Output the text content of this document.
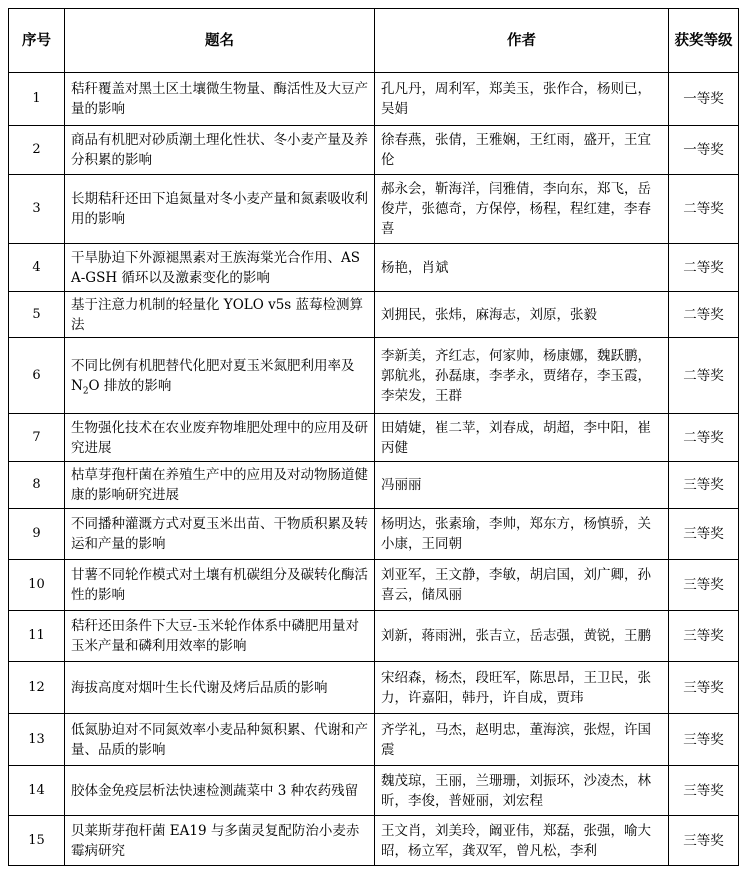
序号	题名	作者	获奖等级
1	秸秆覆盖对黑土区土壤微生物量、酶活性及大豆产量的影响	孔凡丹，周利军，郑美玉，张作合，杨则已，吴娟	一等奖
2	商品有机肥对砂质潮土理化性状、冬小麦产量及养分积累的影响	徐春燕，张倩，王雅娴，王红雨，盛开，王宜伦	一等奖
3	长期秸秆还田下追氮量对冬小麦产量和氮素吸收利用的影响	郝永会，靳海洋，闫雅倩，李向东，郑飞，岳俊芹，张德奇，方保停，杨程，程红建，李春喜	二等奖
4	干旱胁迫下外源褪黑素对王族海棠光合作用、ASA-GSH 循环以及激素变化的影响	杨艳，肖斌	二等奖
5	基于注意力机制的轻量化 YOLO v5s 蓝莓检测算法	刘拥民，张炜，麻海志，刘原，张毅	二等奖
6	不同比例有机肥替代化肥对夏玉米氮肥利用率及 $N_2O$ 排放的影响	李新美，齐红志，何家帅，杨康娜，魏跃鹏，郭航兆，孙磊康，李孝永，贾绪存，李玉霞，李荣发，王群	二等奖
7	生物强化技术在农业废弃物堆肥处理中的应用及研究进展	田婧婕，崔二苹，刘春成，胡超，李中阳，崔丙健	二等奖
8	枯草芽孢杆菌在养殖生产中的应用及对动物肠道健康的影响研究进展	冯丽丽	三等奖
9	不同播种灌溉方式对夏玉米出苗、干物质积累及转运和产量的影响	杨明达，张素瑜，李帅，郑东方，杨慎骄，关小康，王同朝	三等奖
10	甘薯不同轮作模式对土壤有机碳组分及碳转化酶活性的影响	刘亚军，王文静，李敏，胡启国，刘广卿，孙喜云，储凤丽	三等奖
11	秸秆还田条件下大豆-玉米轮作体系中磷肥用量对玉米产量和磷利用效率的影响	刘新，蒋雨洲，张吉立，岳志强，黄锐，王鹏	三等奖
12	海拔高度对烟叶生长代谢及烤后品质的影响	宋绍森，杨杰，段旺军，陈思昂，王卫民，张力，许嘉阳，韩丹，许自成，贾玮	三等奖
13	低氮胁迫对不同氮效率小麦品种氮积累、代谢和产量、品质的影响	齐学礼，马杰，赵明忠，董海滨，张煜，许国震	三等奖
14	胶体金免疫层析法快速检测蔬菜中 3 种农药残留	魏茂琼，王丽，兰珊珊，刘振环，沙凌杰，林昕，李俊，普娅丽，刘宏程	三等奖
15	贝莱斯芽孢杆菌 EA19 与多菌灵复配防治小麦赤霉病研究	王文肖，刘美玲，阚亚伟，郑磊，张强，喻大昭，杨立军，龚双军，曾凡松，李利	三等奖
